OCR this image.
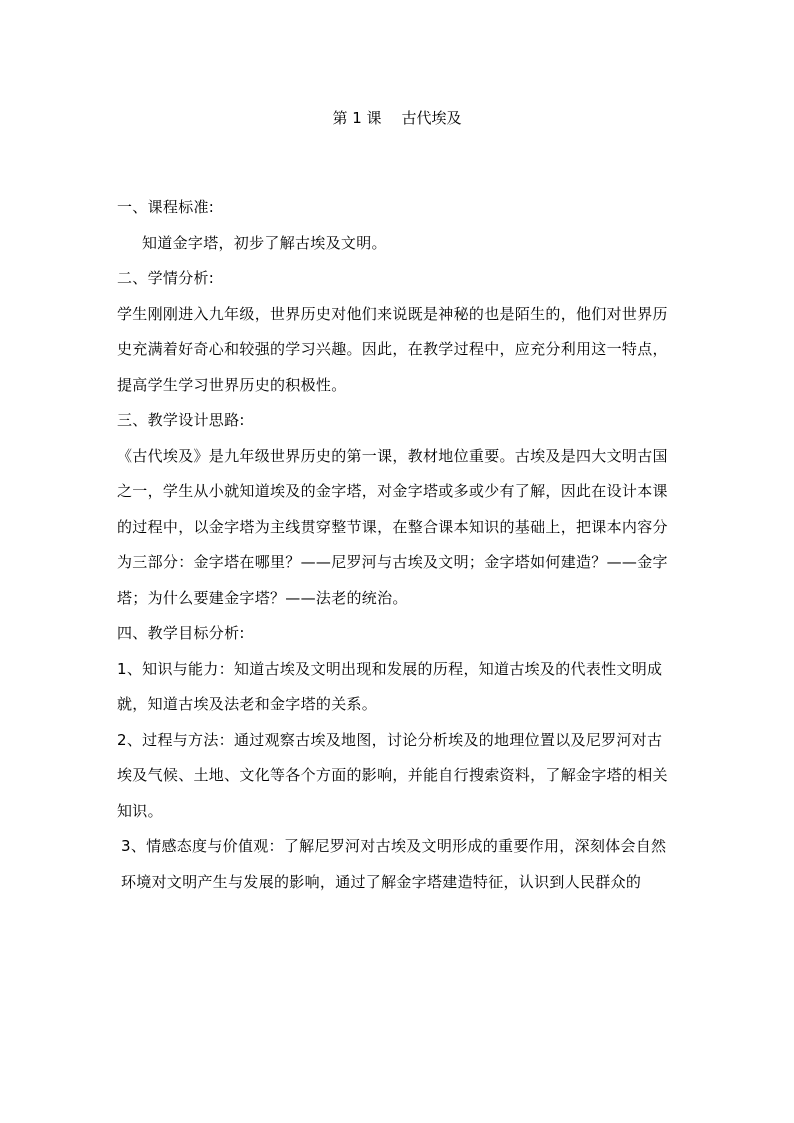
第 1 课 古代埃及

一、课程标准:

知道金字塔，初步了解古埃及文明。

二、学情分析:

学生刚刚进入九年级，世界历史对他们来说既是神秘的也是陌生的，他们对世界历史充满着好奇心和较强的学习兴趣。因此，在教学过程中，应充分利用这一特点，提高学生学习世界历史的积极性。

三、教学设计思路:

《古代埃及》是九年级世界历史的第一课，教材地位重要。古埃及是四大文明古国之一，学生从小就知道埃及的金字塔，对金字塔或多或少有了解，因此在设计本课的过程中，以金字塔为主线贯穿整节课，在整合课本知识的基础上，把课本内容分为三部分：金字塔在哪里？——尼罗河与古埃及文明；金字塔如何建造？——金字塔；为什么要建金字塔？——法老的统治。

四、教学目标分析:

1、知识与能力：知道古埃及文明出现和发展的历程，知道古埃及的代表性文明成就，知道古埃及法老和金字塔的关系。

2、过程与方法：通过观察古埃及地图，讨论分析埃及的地理位置以及尼罗河对古埃及气候、土地、文化等各个方面的影响，并能自行搜索资料，了解金字塔的相关知识。

3、情感态度与价值观：了解尼罗河对古埃及文明形成的重要作用，深刻体会自然环境对文明产生与发展的影响，通过了解金字塔建造特征，认识到人民群众的
